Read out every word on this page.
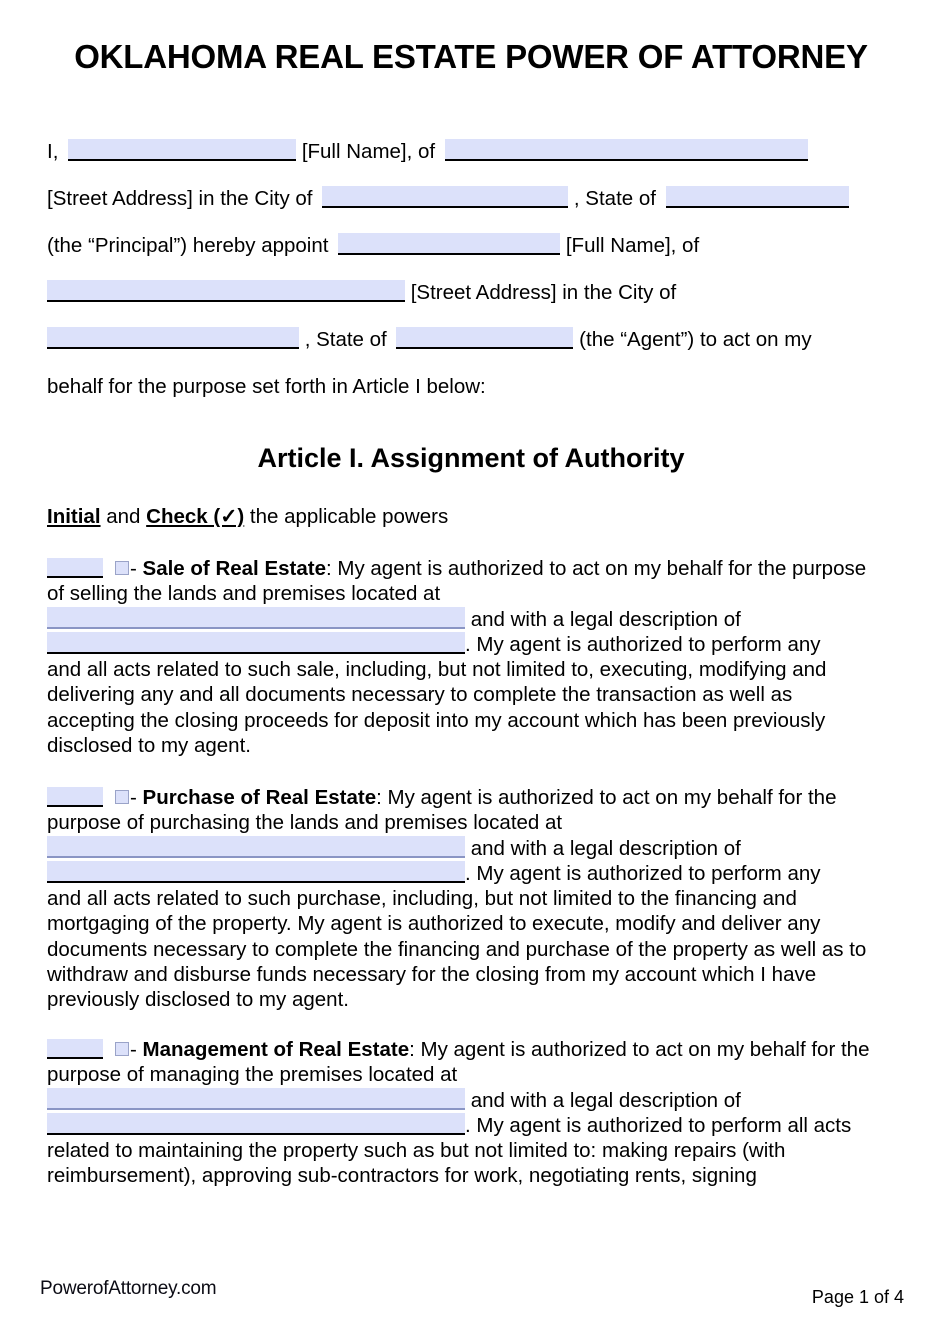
OKLAHOMA REAL ESTATE POWER OF ATTORNEY
I,	[Full Name], of
[Street Address] in the City of	, State of
(the “Principal”) hereby appoint	[Full Name], of
[Street Address] in the City of
, State of	(the “Agent”) to act on my
behalf for the purpose set forth in Article I below:
Article I. Assignment of Authority
Initial and Check (✓) the applicable powers
- Sale of Real Estate: My agent is authorized to act on my behalf for the purpose of selling the lands and premises located at
and with a legal description of
. My agent is authorized to perform any
and all acts related to such sale, including, but not limited to, executing, modifying and delivering any and all documents necessary to complete the transaction as well as accepting the closing proceeds for deposit into my account which has been previously disclosed to my agent.
- Purchase of Real Estate: My agent is authorized to act on my behalf for the purpose of purchasing the lands and premises located at
and with a legal description of
. My agent is authorized to perform any
and all acts related to such purchase, including, but not limited to the financing and mortgaging of the property. My agent is authorized to execute, modify and deliver any documents necessary to complete the financing and purchase of the property as well as to withdraw and disburse funds necessary for the closing from my account which I have previously disclosed to my agent.
- Management of Real Estate: My agent is authorized to act on my behalf for the purpose of managing the premises located at
and with a legal description of
. My agent is authorized to perform all acts
related to maintaining the property such as but not limited to: making repairs (with reimbursement), approving sub-contractors for work, negotiating rents, signing
PowerofAttorney.com	Page 1 of 4
